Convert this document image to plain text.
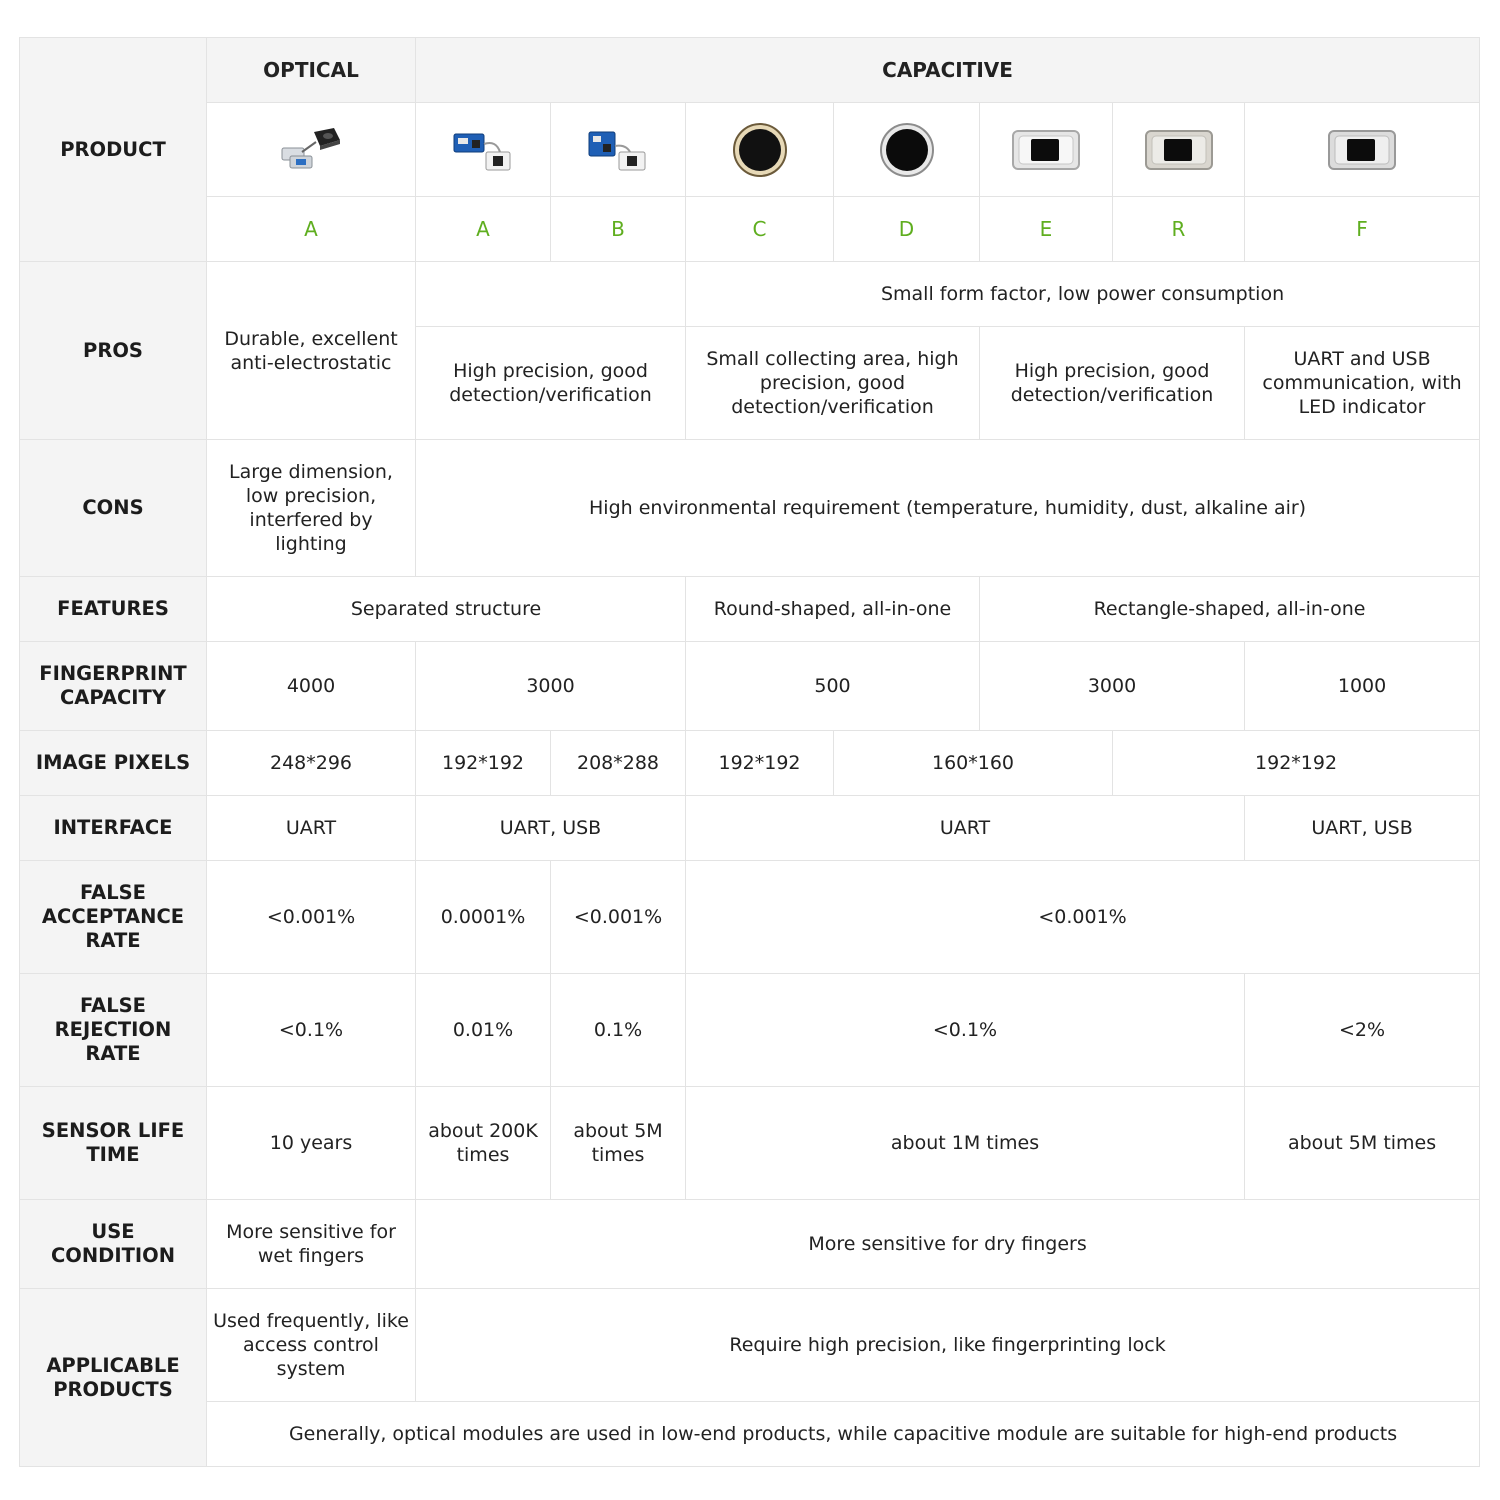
PRODUCT	OPTICAL	CAPACITIVE						

	A	A	B	C	D	E	R	F
PROS	Durable, excellent anti-electrostatic			Small form factor, low power consumption				
		High precision, good detection/verification		Small collecting area, high precision, good detection/verification		High precision, good detection/verification		UART and USB communication, with LED indicator
CONS	Large dimension, low precision, interfered by lighting	High environmental requirement (temperature, humidity, dust, alkaline air)						
FEATURES	Separated structure			Round-shaped, all-in-one		Rectangle-shaped, all-in-one		
FINGERPRINT CAPACITY	4000	3000		500		3000		1000
IMAGE PIXELS	248*296	192*192	208*288	192*192	160*160		192*192	
INTERFACE	UART	UART, USB		UART				UART, USB
FALSE ACCEPTANCE RATE	<0.001%	0.0001%	<0.001%	<0.001%				
FALSE REJECTION RATE	<0.1%	0.01%	0.1%	<0.1%				<2%
SENSOR LIFE TIME	10 years	about 200K times	about 5M times	about 1M times				about 5M times
USE CONDITION	More sensitive for wet fingers	More sensitive for dry fingers						
APPLICABLE PRODUCTS	Used frequently, like access control system	Require high precision, like fingerprinting lock						
	Generally, optical modules are used in low-end products, while capacitive module are suitable for high-end products							
